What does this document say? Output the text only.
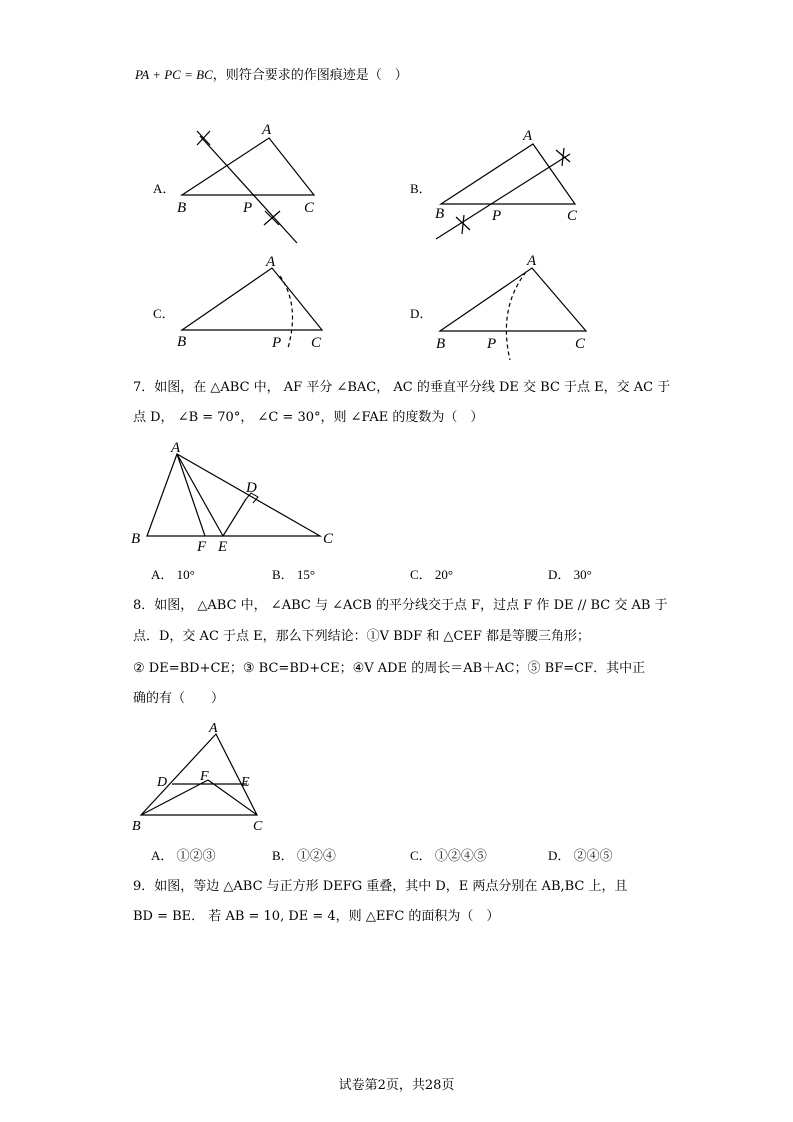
PA + PC = BC，则符合要求的作图痕迹是（　）
A．	B．
C．	D．
A
B	P	C
A
B	P	C
A
B	P C
A
B	P	C
7．如图，在 △ABC 中， AF 平分 ∠BAC， AC 的垂直平分线 DE 交 BC 于点 E，交 AC 于
点 D， ∠B = 70°， ∠C = 30°，则 ∠FAE 的度数为（　）
A
B	F E
D
C
A． 10°	B． 15°	C． 20°	D． 30°
8．如图， △ABC 中， ∠ABC 与 ∠ACB 的平分线交于点 F，过点 F 作 DE // BC 交 AB 于
点．D，交 AC 于点 E，那么下列结论：①V BDF 和 △CEF 都是等腰三角形；
② DE=BD+CE；③ BC=BD+CE；④V ADE 的周长＝AB＋AC；⑤ BF=CF．其中正
确的有（　　）
A
D F E
B	C
A． ①②③	B． ①②④	C． ①②④⑤	D． ②④⑤
9．如图，等边 △ABC 与正方形 DEFG 重叠，其中 D，E 两点分别在 AB,BC 上，且
BD = BE． 若 AB = 10, DE = 4，则 △EFC 的面积为（　）
试卷第2页，共28页
